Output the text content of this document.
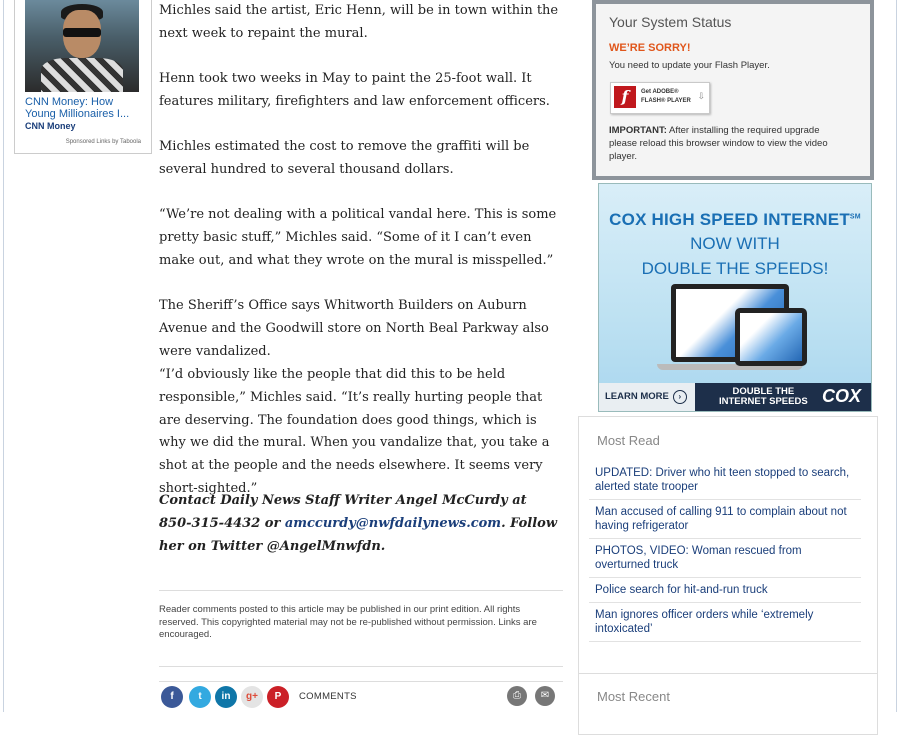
CNN Money: How Young Millionaires I...
CNN Money
Sponsored Links by Taboola

Michles said the artist, Eric Henn, will be in town within the next week to repaint the mural.

Henn took two weeks in May to paint the 25-foot wall. It features military, firefighters and law enforcement officers.

Michles estimated the cost to remove the graffiti will be several hundred to several thousand dollars.

“We’re not dealing with a political vandal here. This is some pretty basic stuff,” Michles said. “Some of it I can’t even make out, and what they wrote on the mural is misspelled.”

The Sheriff’s Office says Whitworth Builders on Auburn Avenue and the Goodwill store on North Beal Parkway also were vandalized.

“I’d obviously like the people that did this to be held responsible,” Michles said. “It’s really hurting people that are deserving. The foundation does good things, which is why we did the mural. When you vandalize that, you take a shot at the people and the needs elsewhere. It seems very short-sighted.”

Contact Daily News Staff Writer Angel McCurdy at 850-315-4432 or amccurdy@nwfdailynews.com. Follow her on Twitter @AngelMnwfdn.

Reader comments posted to this article may be published in our print edition. All rights reserved. This copyrighted material may not be re-published without permission. Links are encouraged.
f	t	in	g+	P	COMMENTS	⎙	✉
Your System Status
WE’RE SORRY!
You need to update your Flash Player.
f	Get ADOBE®
FLASH® PLAYER ⇩
IMPORTANT: After installing the required upgrade please reload this browser window to view the video player.
COX HIGH SPEED INTERNET℠
NOW WITH
DOUBLE THE SPEEDS!
LEARN MORE ›	DOUBLE THE
INTERNET SPEEDS COX
Most Read
UPDATED: Driver who hit teen stopped to search, alerted state trooper
Man accused of calling 911 to complain about not having refrigerator
PHOTOS, VIDEO: Woman rescued from overturned truck
Police search for hit-and-run truck
Man ignores officer orders while ‘extremely intoxicated’
Most Recent
